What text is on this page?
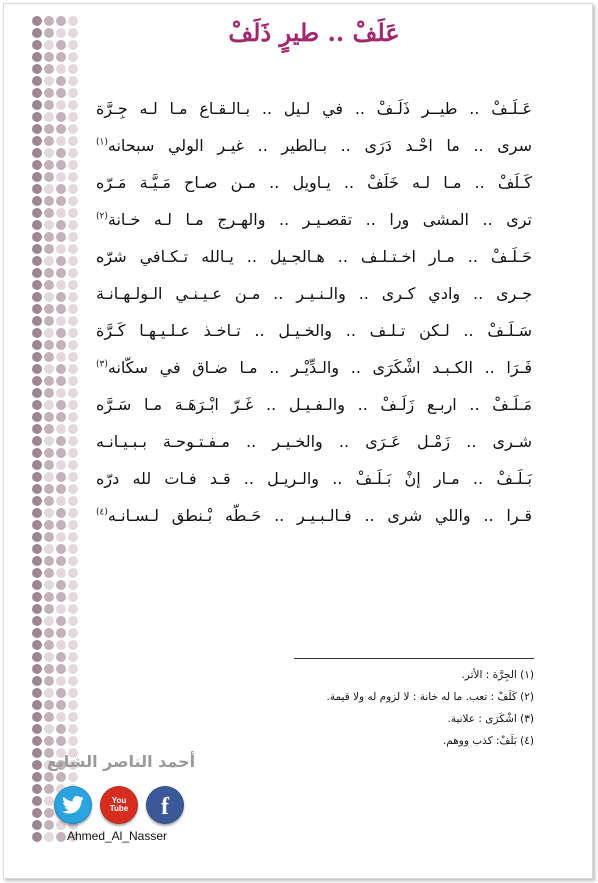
عَلَفْ .. طيرٍ ذَلَفْ
عَـلَـفْ .. طيــر ذَلَـفْ .. في لـيل .. بـالـقـاع مـا لـه جِـرَّة
سرى .. ما احْـد دَرَى .. بـالطير .. غيـر الولي سبحانه$^{(١)}$
كَـلَفْ .. مـا لـه خَلَفْ .. يـاويل .. مـن صـاح مَـيَّـة مَـرّه
ترى .. المشى ورا .. تقصـيـر .. والهـرج مـا لـه خـانة$^{(٢)}$
حَـلَـفْ .. مـار اخـتـلـف .. هـالجـيل .. يـالله تـكـافي شرّه
جـرى .. وادي كـرى .. والـنـيـر .. مـن عـيـنـي الـولـهـانـة
سَـلَـفْ .. لـكن تـلـف .. والخـيـل .. تـاخـذ عـلـيـهـا كَـرَّة
فَـرَا .. الكـبـد اشْكَرَى .. والـدِّيْـر .. مـا ضـاق في سكّانه$^{(٣)}$
مَـلَـفْ .. اربـع زَلَـفْ .. والـفـيـل .. غَـرّ ابْـرَهَـة مـا سَـرَّه
شـرى .. زَمْـل عَـرَى .. والخـيـر .. مـفـتـوحـة بـبـيـانـه
بَـلَـفْ .. مـار إنْ بَـلَـفْ .. والـريـل .. قـد فـات لله درّه
قـرا .. واللي شرى .. فـالـبـيـر .. حَـطّه بْـنطق لـسـانـه$^{(٤)}$
(١) الجِرَّة : الأثر.
(٢) كَلَفْ : تعب. ما له خانة : لا لزوم له ولا قيمة.
(٣) اشْكَرَى : علانية.
(٤) بَلَفْ: كذب ووهم.

أحمد الناصر الشايع

You
Tube f

Ahmed_Al_Nasser
